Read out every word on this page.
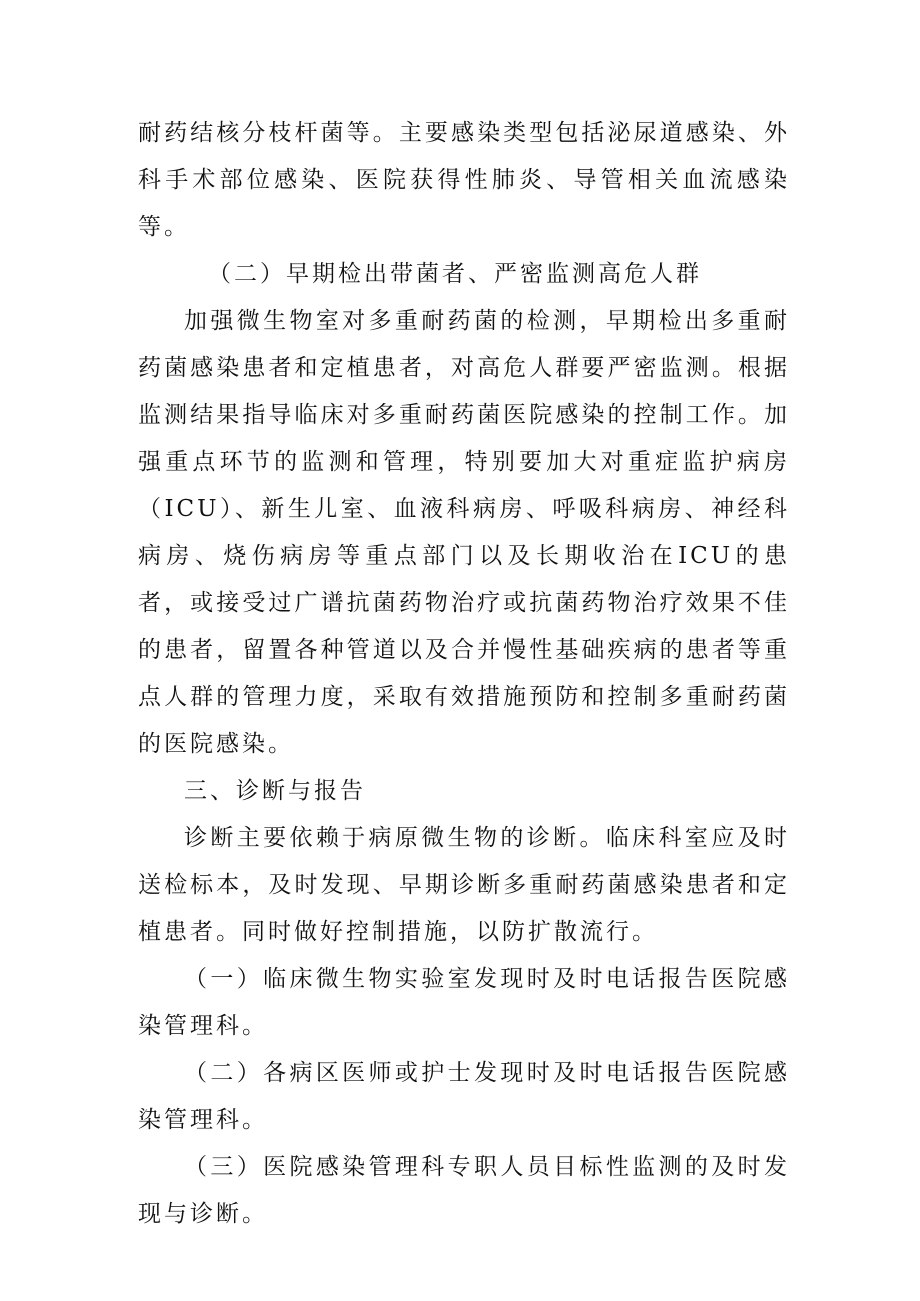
耐药结核分枝杆菌等。主要感染类型包括泌尿道感染、外科手术部位感染、医院获得性肺炎、导管相关血流感染等。

（二）早期检出带菌者、严密监测高危人群

加强微生物室对多重耐药菌的检测，早期检出多重耐药菌感染患者和定植患者，对高危人群要严密监测。根据监测结果指导临床对多重耐药菌医院感染的控制工作。加强重点环节的监测和管理，特别要加大对重症监护病房（ICU）、新生儿室、血液科病房、呼吸科病房、神经科病房、烧伤病房等重点部门以及长期收治在ICU的患者，或接受过广谱抗菌药物治疗或抗菌药物治疗效果不佳的患者，留置各种管道以及合并慢性基础疾病的患者等重点人群的管理力度，采取有效措施预防和控制多重耐药菌的医院感染。

三、诊断与报告

诊断主要依赖于病原微生物的诊断。临床科室应及时送检标本，及时发现、早期诊断多重耐药菌感染患者和定植患者。同时做好控制措施，以防扩散流行。

（一）临床微生物实验室发现时及时电话报告医院感染管理科。

（二）各病区医师或护士发现时及时电话报告医院感染管理科。

（三）医院感染管理科专职人员目标性监测的及时发现与诊断。
